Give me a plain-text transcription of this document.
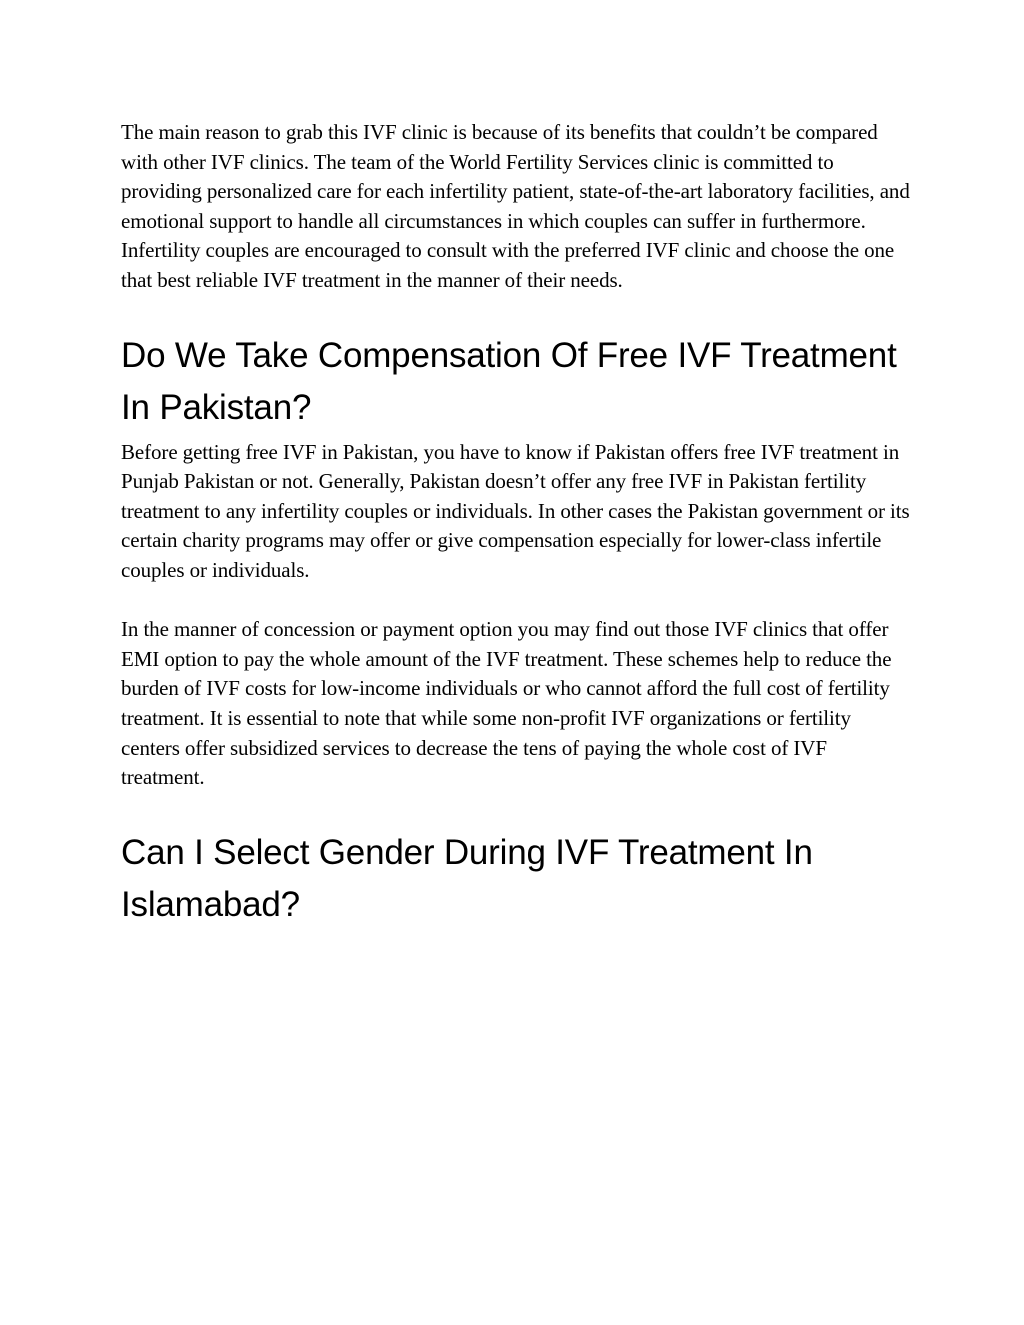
The main reason to grab this IVF clinic is because of its benefits that couldn’t be compared with other IVF clinics. The team of the World Fertility Services clinic is committed to providing personalized care for each infertility patient, state-of-the-art laboratory facilities, and emotional support to handle all circumstances in which couples can suffer in furthermore. Infertility couples are encouraged to consult with the preferred IVF clinic and choose the one that best reliable IVF treatment in the manner of their needs.

Do We Take Compensation Of Free IVF Treatment In Pakistan?

Before getting free IVF in Pakistan, you have to know if Pakistan offers free IVF treatment in Punjab Pakistan or not. Generally, Pakistan doesn’t offer any free IVF in Pakistan fertility treatment to any infertility couples or individuals. In other cases the Pakistan government or its certain charity programs may offer or give compensation especially for lower-class infertile couples or individuals.

In the manner of concession or payment option you may find out those IVF clinics that offer EMI option to pay the whole amount of the IVF treatment. These schemes help to reduce the burden of IVF costs for low-income individuals or who cannot afford the full cost of fertility treatment. It is essential to note that while some non-profit IVF organizations or fertility centers offer subsidized services to decrease the tens of paying the whole cost of IVF treatment.

Can I Select Gender During IVF Treatment In Islamabad?
